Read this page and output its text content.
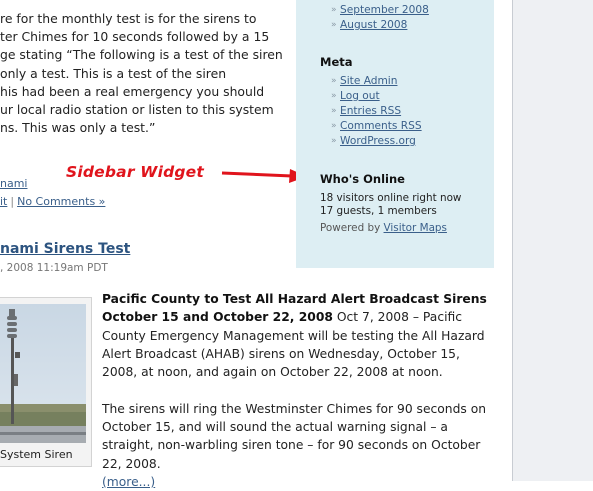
re for the monthly test is for the sirens to
ter Chimes for 10 seconds followed by a 15
ge stating “The following is a test of the siren
only a test. This is a test of the siren
his had been a real emergency you should
ur local radio station or listen to this system
ns. This was only a test.”
nami
it | No Comments »
Sidebar Widget
» September 2008
» August 2008
Meta
» Site Admin
» Log out
» Entries RSS
» Comments RSS
» WordPress.org
Who's Online
18 visitors online right now
17 guests, 1 members
Powered by Visitor Maps
nami Sirens Test
, 2008 11:19am PDT
System Siren
Pacific County to Test All Hazard Alert Broadcast Sirens
October 15 and October 22, 2008 Oct 7, 2008 – Pacific
County Emergency Management will be testing the All Hazard
Alert Broadcast (AHAB) sirens on Wednesday, October 15,
2008, at noon, and again on October 22, 2008 at noon.
The sirens will ring the Westminster Chimes for 90 seconds on
October 15, and will sound the actual warning signal – a
straight, non-warbling siren tone – for 90 seconds on October
22, 2008.
(more...)
